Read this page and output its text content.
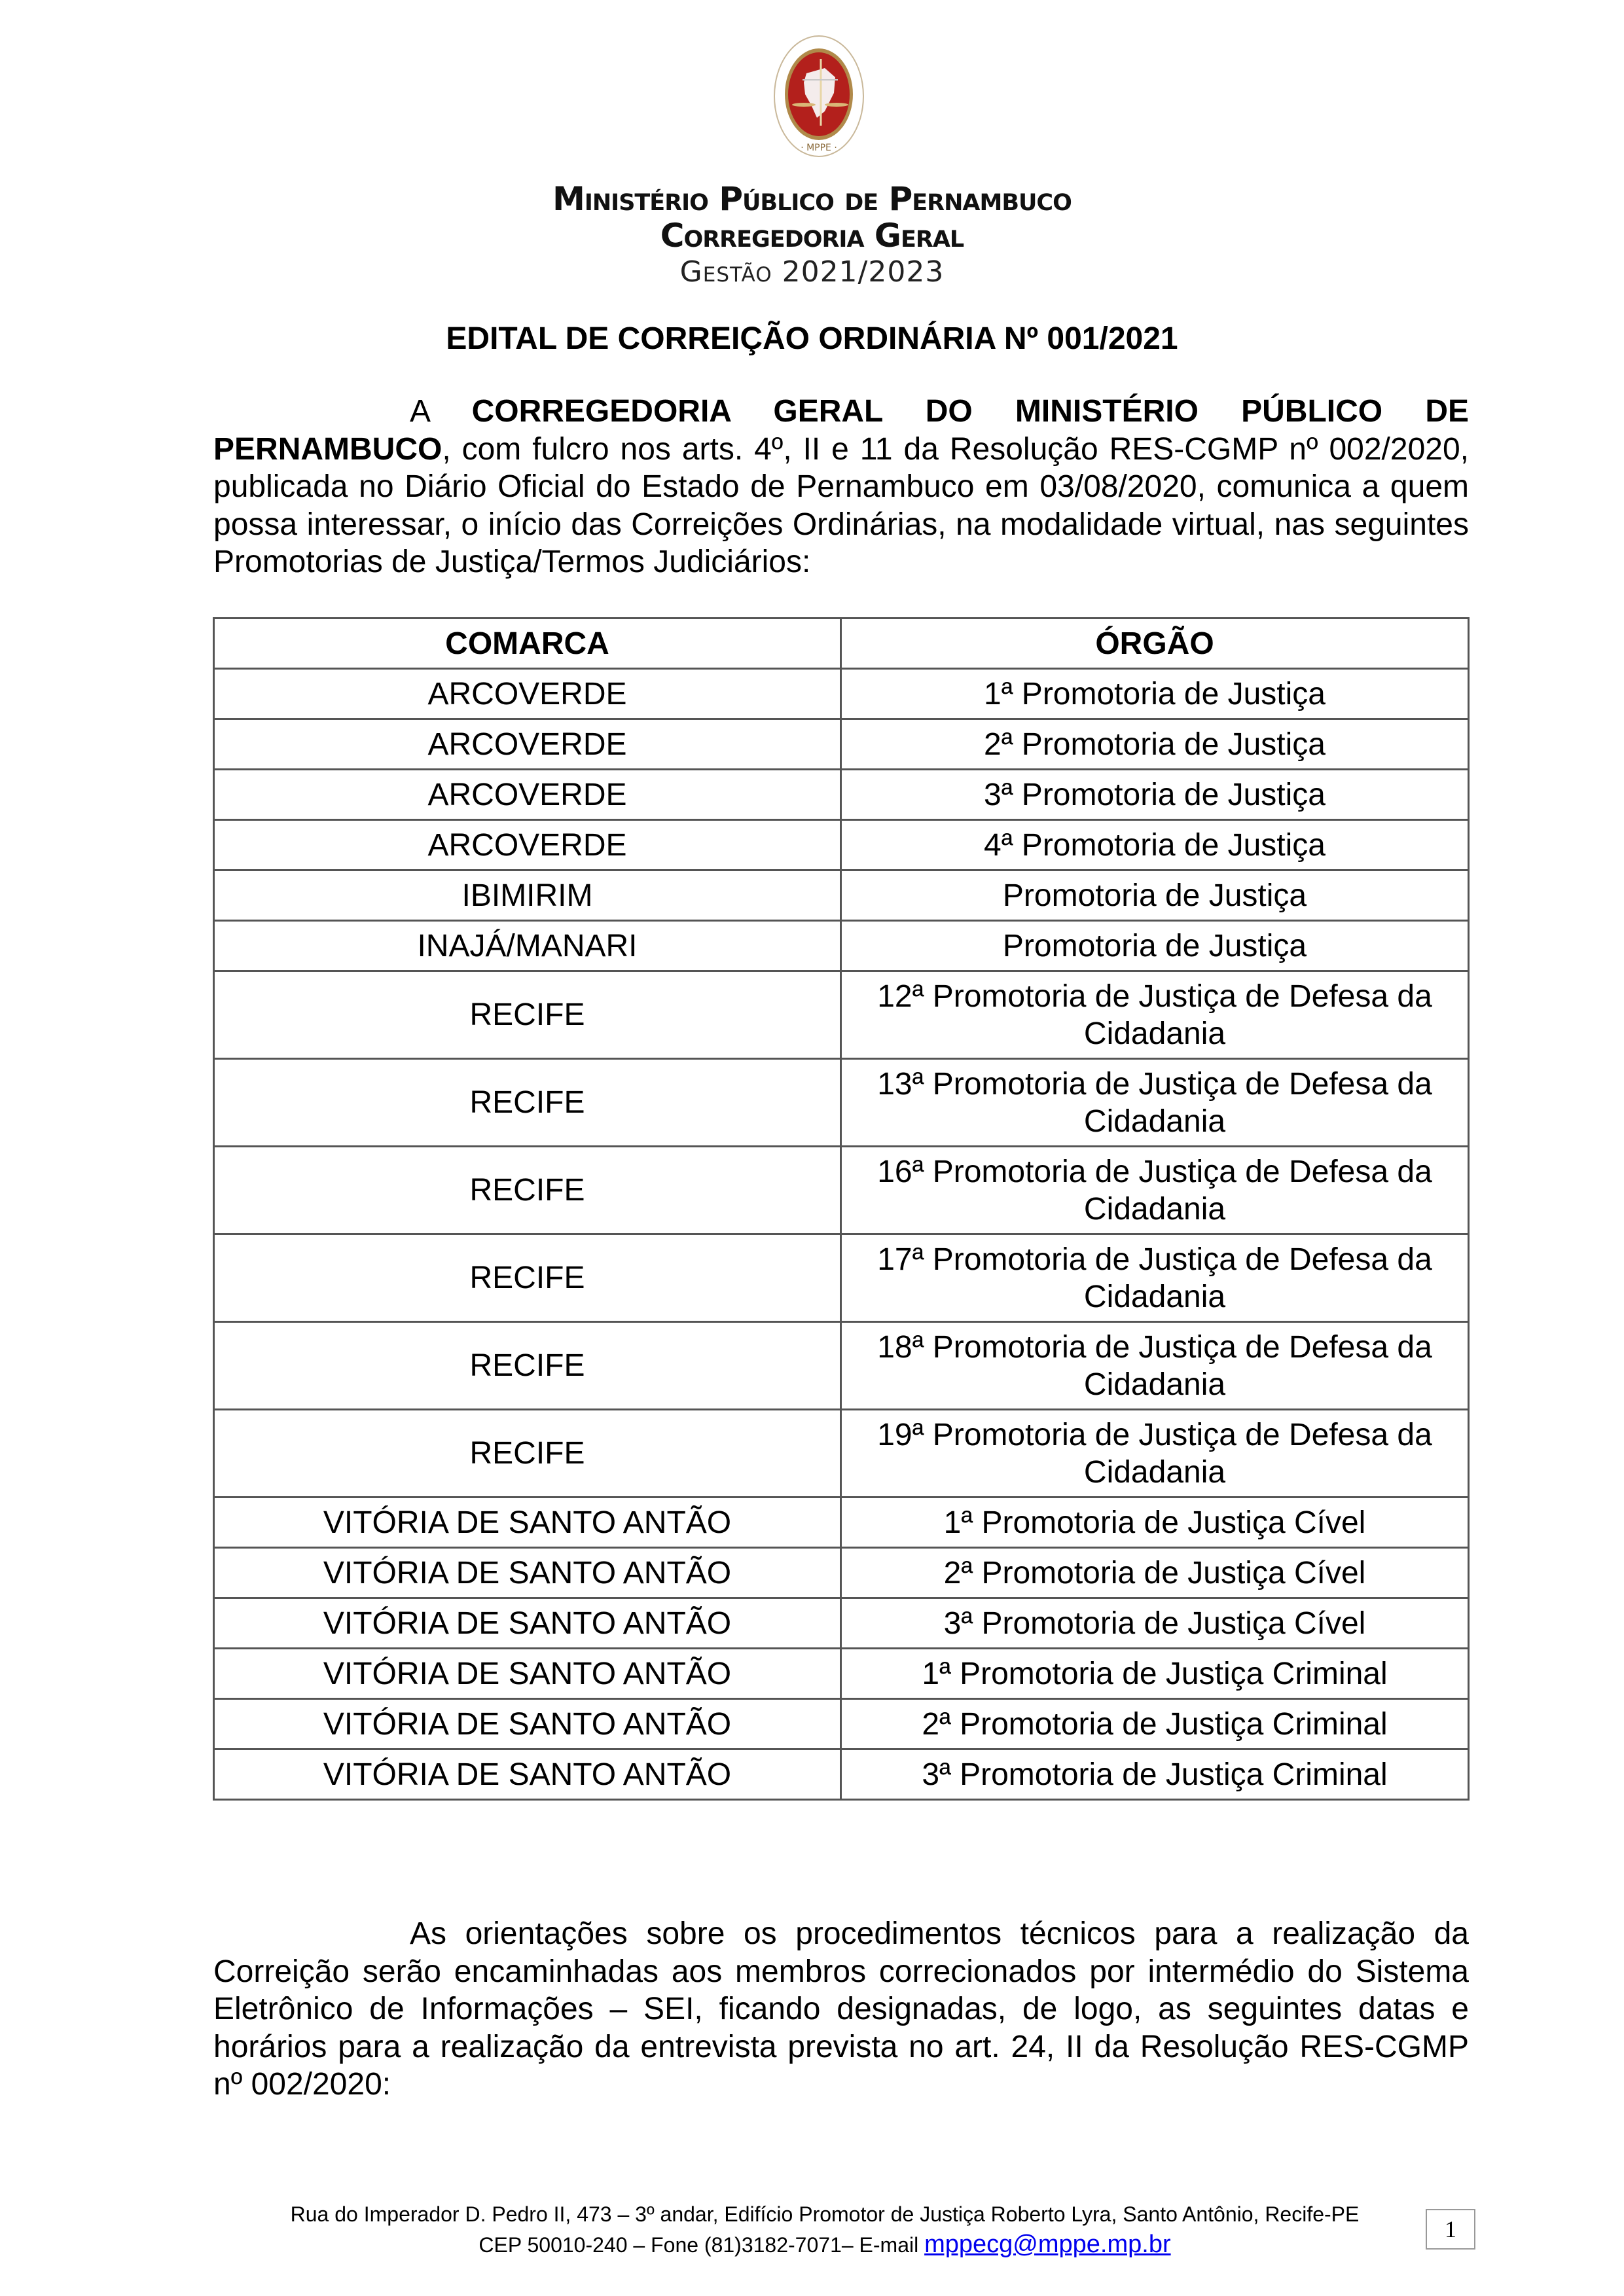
· MPPE ·
Ministério Público de Pernambuco
Corregedoria Geral
Gestão 2021/2023
EDITAL DE CORREIÇÃO ORDINÁRIA Nº 001/2021
A CORREGEDORIA GERAL DO MINISTÉRIO PÚBLICO DE PERNAMBUCO, com fulcro nos arts. 4º, II e 11 da Resolução RES-CGMP nº 002/2020, publicada no Diário Oficial do Estado de Pernambuco em 03/08/2020, comunica a quem possa interessar, o início das Correições Ordinárias, na modalidade virtual, nas seguintes Promotorias de Justiça/Termos Judiciários:
COMARCA	ÓRGÃO
ARCOVERDE	1ª Promotoria de Justiça
ARCOVERDE	2ª Promotoria de Justiça
ARCOVERDE	3ª Promotoria de Justiça
ARCOVERDE	4ª Promotoria de Justiça
IBIMIRIM	Promotoria de Justiça
INAJÁ/MANARI	Promotoria de Justiça
RECIFE	12ª Promotoria de Justiça de Defesa da Cidadania
RECIFE	13ª Promotoria de Justiça de Defesa da Cidadania
RECIFE	16ª Promotoria de Justiça de Defesa da Cidadania
RECIFE	17ª Promotoria de Justiça de Defesa da Cidadania
RECIFE	18ª Promotoria de Justiça de Defesa da Cidadania
RECIFE	19ª Promotoria de Justiça de Defesa da Cidadania
VITÓRIA DE SANTO ANTÃO	1ª Promotoria de Justiça Cível
VITÓRIA DE SANTO ANTÃO	2ª Promotoria de Justiça Cível
VITÓRIA DE SANTO ANTÃO	3ª Promotoria de Justiça Cível
VITÓRIA DE SANTO ANTÃO	1ª Promotoria de Justiça Criminal
VITÓRIA DE SANTO ANTÃO	2ª Promotoria de Justiça Criminal
VITÓRIA DE SANTO ANTÃO	3ª Promotoria de Justiça Criminal
As orientações sobre os procedimentos técnicos para a realização da Correição serão encaminhadas aos membros correcionados por intermédio do Sistema Eletrônico de Informações – SEI, ficando designadas, de logo, as seguintes datas e horários para a realização da entrevista prevista no art. 24, II da Resolução RES-CGMP nº 002/2020:
Rua do Imperador D. Pedro II, 473 – 3º andar, Edifício Promotor de Justiça Roberto Lyra, Santo Antônio, Recife-PE
CEP 50010-240 – Fone (81)3182-7071– E-mail mppecg@mppe.mp.br
1
